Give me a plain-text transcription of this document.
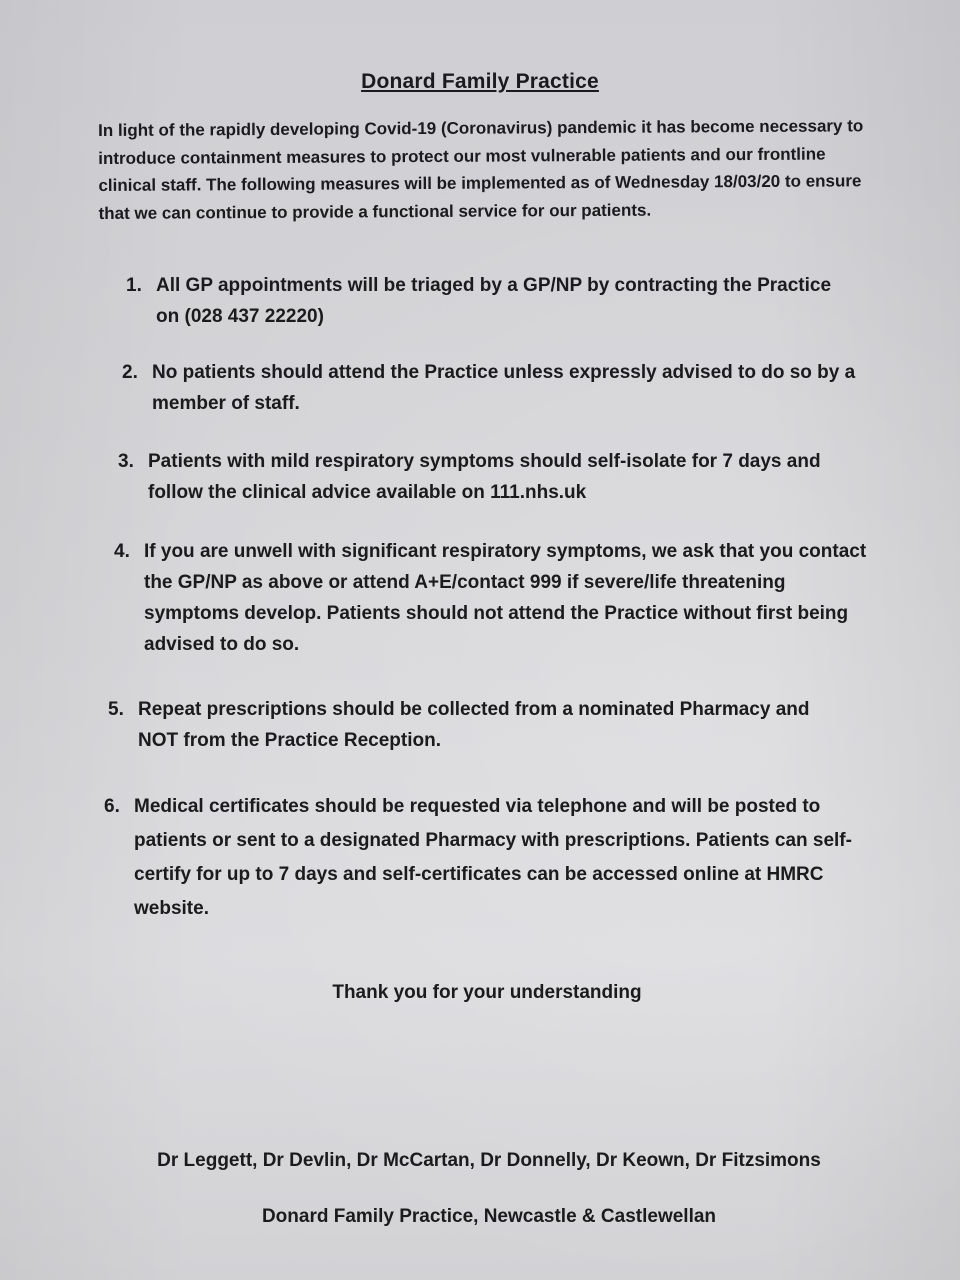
Donard Family Practice
In light of the rapidly developing Covid-19 (Coronavirus) pandemic it has become necessary to introduce containment measures to protect our most vulnerable patients and our frontline clinical staff. The following measures will be implemented as of Wednesday 18/03/20 to ensure that we can continue to provide a functional service for our patients.
1. All GP appointments will be triaged by a GP/NP by contracting the Practice on (028 437 22220)
2. No patients should attend the Practice unless expressly advised to do so by a member of staff.
3. Patients with mild respiratory symptoms should self-isolate for 7 days and follow the clinical advice available on 111.nhs.uk
4. If you are unwell with significant respiratory symptoms, we ask that you contact the GP/NP as above or attend A+E/contact 999 if severe/life threatening symptoms develop. Patients should not attend the Practice without first being advised to do so.
5. Repeat prescriptions should be collected from a nominated Pharmacy and NOT from the Practice Reception.
6. Medical certificates should be requested via telephone and will be posted to patients or sent to a designated Pharmacy with prescriptions. Patients can self-certify for up to 7 days and self-certificates can be accessed online at HMRC website.
Thank you for your understanding
Dr Leggett, Dr Devlin, Dr McCartan, Dr Donnelly, Dr Keown, Dr Fitzsimons
Donard Family Practice, Newcastle & Castlewellan
